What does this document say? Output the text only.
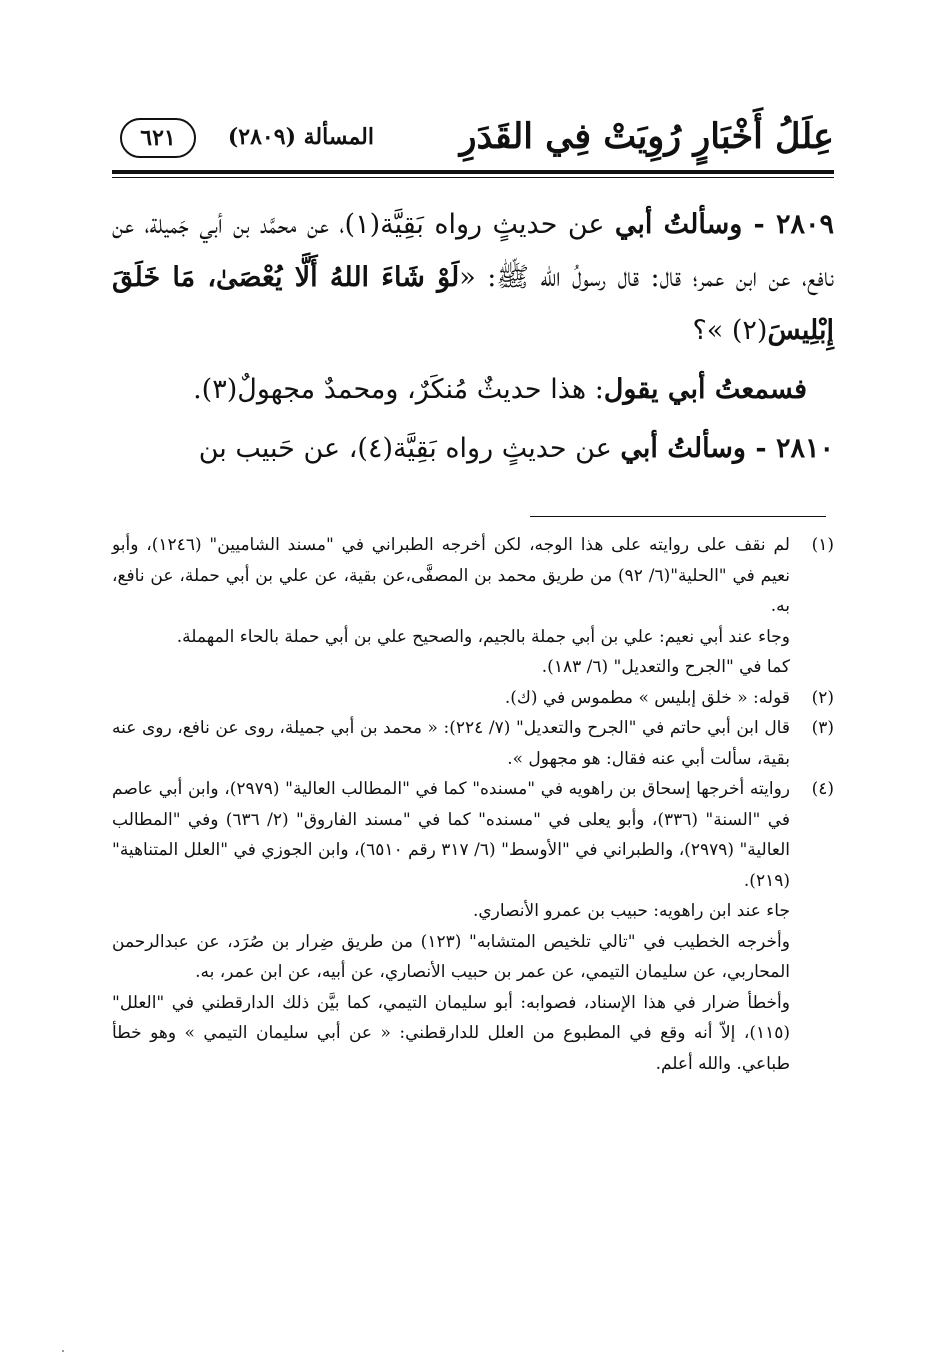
عِلَلُ أَخْبَارٍ رُوِيَتْ فِي القَدَرِ
المسألة (٢٨٠٩)
٦٢١

٢٨٠٩ - وسألتُ أبي عن حديثٍ رواه بَقِيَّة(١)، عن محمَّد بن أبي جَميلة، عن نافع، عن ابن عمر؛ قال: قال رسولُ الله ﷺ: «لَوْ شَاءَ اللهُ أَلَّا يُعْصَىٰ، مَا خَلَقَ إِبْلِيسَ(٢) »؟

 فسمعتُ أبي يقول: هذا حديثٌ مُنكَرٌ، ومحمدٌ مجهولٌ(٣).

٢٨١٠ - وسألتُ أبي عن حديثٍ رواه بَقِيَّة(٤)، عن حَبيب بن

(١)
لم نقف على روايته على هذا الوجه، لكن أخرجه الطبراني في "مسند الشاميين" (١٢٤٦)، وأبو نعيم في "الحلية"(٦/ ٩٢) من طريق محمد بن المصفَّى،عن بقية، عن علي بن أبي حملة، عن نافع، به.
وجاء عند أبي نعيم: علي بن أبي جملة بالجيم، والصحيح علي بن أبي حملة بالحاء المهملة.
كما في "الجرح والتعديل" (٦/ ١٨٣).
(٢)
قوله: « خلق إبليس » مطموس في (ك).
(٣)
قال ابن أبي حاتم في "الجرح والتعديل" (٧/ ٢٢٤): « محمد بن أبي جميلة، روى عن نافع، روى عنه بقية، سألت أبي عنه فقال: هو مجهول ».
(٤)
روايته أخرجها إسحاق بن راهويه في "مسنده" كما في "المطالب العالية" (٢٩٧٩)، وابن أبي عاصم في "السنة" (٣٣٦)، وأبو يعلى في "مسنده" كما في "مسند الفاروق" (٢/ ٦٣٦) وفي "المطالب العالية" (٢٩٧٩)، والطبراني في "الأوسط" (٦/ ٣١٧ رقم ٦٥١٠)، وابن الجوزي في "العلل المتناهية" (٢١٩).
جاء عند ابن راهويه: حبيب بن عمرو الأنصاري.
وأخرجه الخطيب في "تالي تلخيص المتشابه" (١٢٣) من طريق ضِرار بن صُرَد، عن عبدالرحمن المحاربي، عن سليمان التيمي، عن عمر بن حبيب الأنصاري، عن أبيه، عن ابن عمر، به.
وأخطأ ضرار في هذا الإسناد، فصوابه: أبو سليمان التيمي، كما بيَّن ذلك الدارقطني في "العلل" (١١٥)، إلاّ أنه وقع في المطبوع من العلل للدارقطني: « عن أبي سليمان التيمي » وهو خطأ طباعي. والله أعلم.
